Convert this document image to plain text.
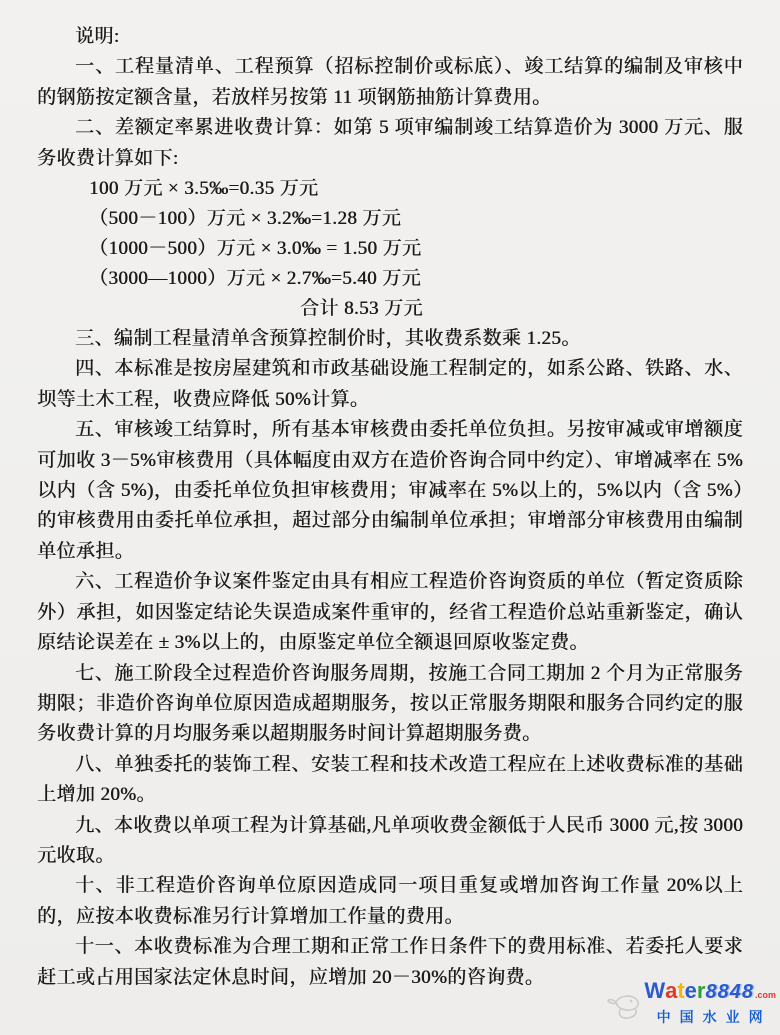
说明:

一、工程量清单、工程预算（招标控制价或标底）、竣工结算的编制及审核中的钢筋按定额含量，若放样另按第 11 项钢筋抽筋计算费用。

二、差额定率累进收费计算：如第 5 项审编制竣工结算造价为 3000 万元、服务收费计算如下:

100 万元 × 3.5‰=0.35 万元
（500－100）万元 × 3.2‰=1.28 万元
（1000－500）万元 × 3.0‰ = 1.50 万元
（3000—1000）万元 × 2.7‰=5.40 万元
合计 8.53 万元

三、编制工程量清单含预算控制价时，其收费系数乘 1.25。

四、本标准是按房屋建筑和市政基础设施工程制定的，如系公路、铁路、水、坝等土木工程，收费应降低 50%计算。

五、审核竣工结算时，所有基本审核费由委托单位负担。另按审减或审增额度可加收 3－5%审核费用（具体幅度由双方在造价咨询合同中约定）、审增减率在 5%以内（含 5%)，由委托单位负担审核费用；审减率在 5%以上的，5%以内（含 5%）的审核费用由委托单位承担，超过部分由编制单位承担；审增部分审核费用由编制单位承担。

六、工程造价争议案件鉴定由具有相应工程造价咨询资质的单位（暂定资质除外）承担，如因鉴定结论失误造成案件重审的，经省工程造价总站重新鉴定，确认原结论误差在 ± 3%以上的，由原鉴定单位全额退回原收鉴定费。

七、施工阶段全过程造价咨询服务周期，按施工合同工期加 2 个月为正常服务期限；非造价咨询单位原因造成超期服务，按以正常服务期限和服务合同约定的服务收费计算的月均服务乘以超期服务时间计算超期服务费。

八、单独委托的装饰工程、安装工程和技术改造工程应在上述收费标准的基础上增加 20%。

九、本收费以单项工程为计算基础,凡单项收费金额低于人民币 3000 元,按 3000 元收取。

十、非工程造价咨询单位原因造成同一项目重复或增加咨询工作量 20%以上的，应按本收费标准另行计算增加工作量的费用。

十一、本收费标准为合理工期和正常工作日条件下的费用标准、若委托人要求赶工或占用国家法定休息时间，应增加 20－30%的咨询费。

Water 8848 .com
中国水业网
